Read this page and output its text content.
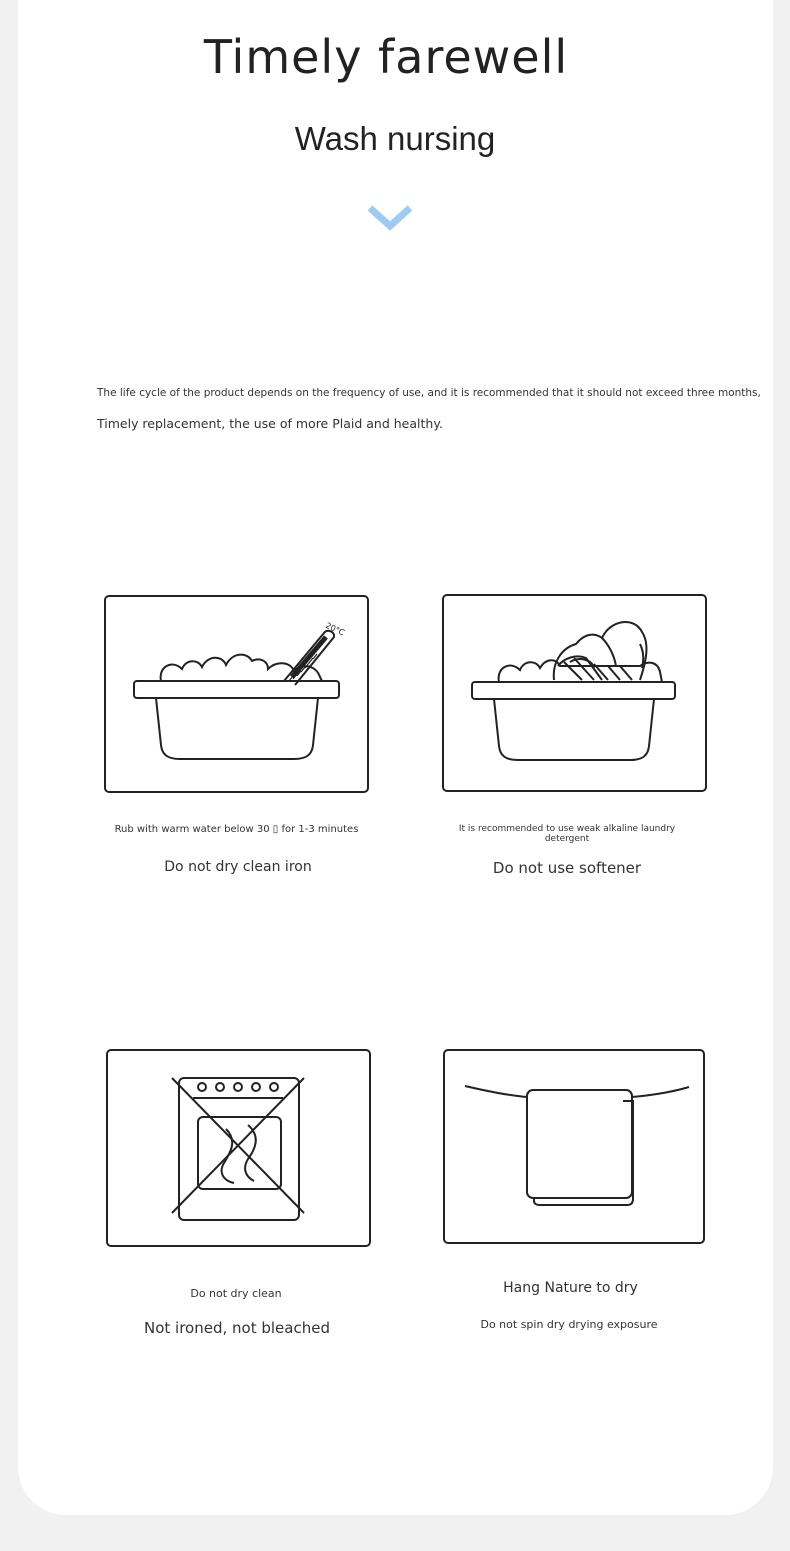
Timely farewell
Wash nursing
The life cycle of the product depends on the frequency of use, and it is recommended that it should not exceed three months,
Timely replacement, the use of more Plaid and healthy.
20°C
Rub with warm water below 30 ▯ for 1-3 minutes
Do not dry clean iron
It is recommended to use weak alkaline laundry detergent
Do not use softener
Do not dry clean
Not ironed, not bleached
Hang Nature to dry
Do not spin dry drying exposure
